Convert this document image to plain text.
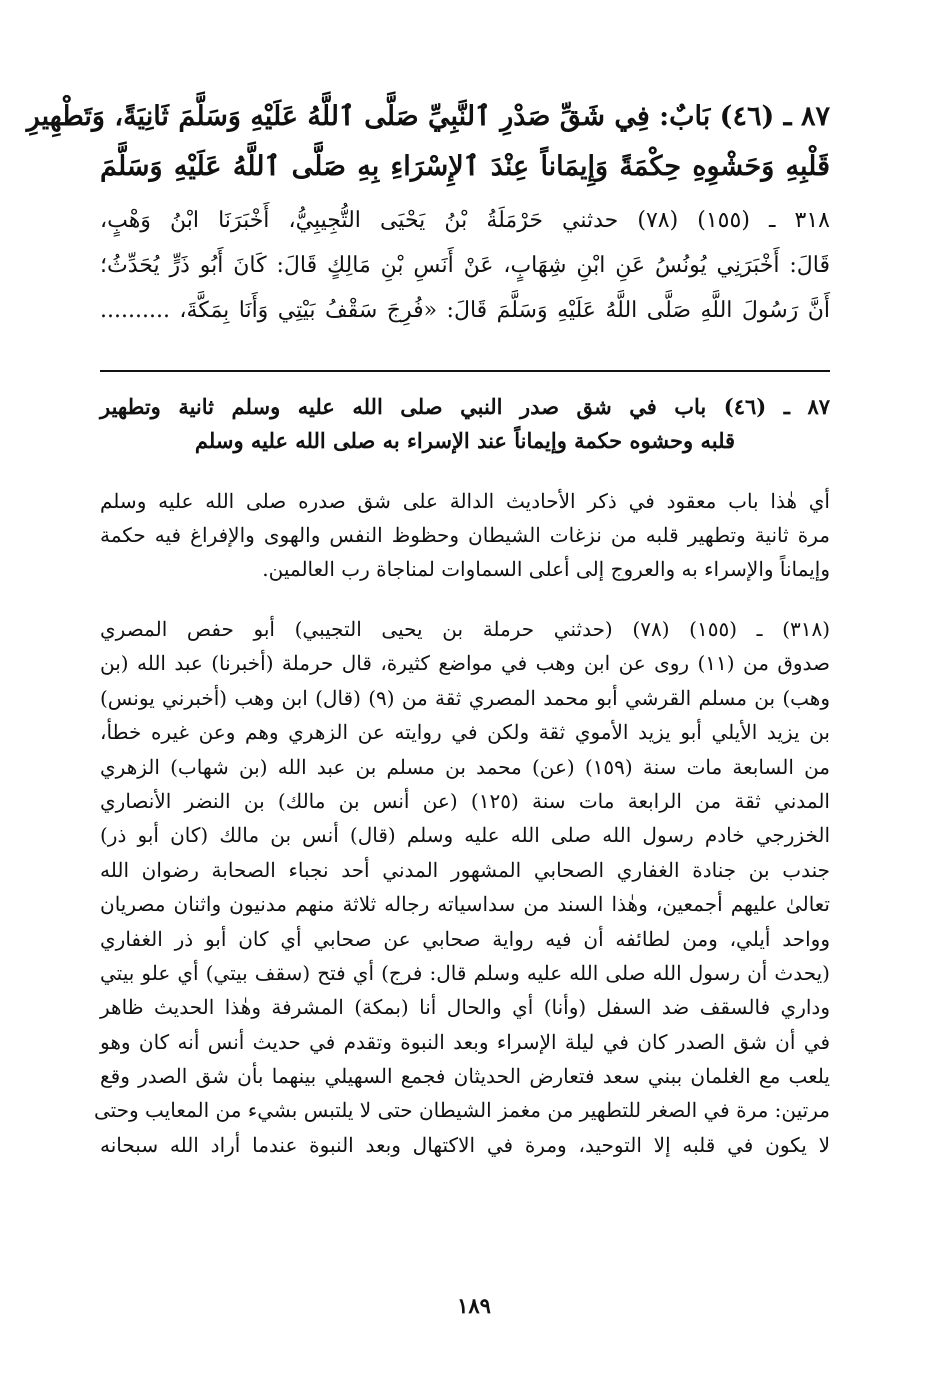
٨٧ ـ (٤٦) بَابٌ: فِي شَقِّ صَدْرِ ٱلنَّبِيِّ صَلَّى ٱللَّهُ عَلَيْهِ وَسَلَّمَ ثَانِيَةً، وَتَطْهِيرِ
قَلْبِهِ وَحَشْوِهِ حِكْمَةً وَإِيمَاناً عِنْدَ ٱلإِسْرَاءِ بِهِ صَلَّى ٱللَّهُ عَلَيْهِ وَسَلَّمَ
٣١٨ ـ (١٥٥) (٧٨) حدثني حَرْمَلَةُ بْنُ يَحْيَى التُّجِيبِيُّ، أَخْبَرَنَا ابْنُ وَهْبٍ،
قَالَ: أَخْبَرَنِي يُونُسُ عَنِ ابْنِ شِهَابٍ، عَنْ أَنَسِ بْنِ مَالِكٍ قَالَ: كَانَ أَبُو ذَرٍّ يُحَدِّثُ؛
أَنَّ رَسُولَ اللَّهِ صَلَّى اللَّهُ عَلَيْهِ وَسَلَّمَ قَالَ: «فُرِجَ سَقْفُ بَيْتِي وَأَنَا بِمَكَّةَ، ..........
٨٧ ـ (٤٦) باب في شق صدر النبي صلى الله عليه وسلم ثانية وتطهير
قلبه وحشوه حكمة وإيماناً عند الإسراء به صلى الله عليه وسلم
أي هٰذا باب معقود في ذكر الأحاديث الدالة على شق صدره صلى الله عليه وسلم
مرة ثانية وتطهير قلبه من نزغات الشيطان وحظوظ النفس والهوى والإفراغ فيه حكمة
وإيماناً والإسراء به والعروج إلى أعلى السماوات لمناجاة رب العالمين.
(٣١٨) ـ (١٥٥) (٧٨) (حدثني حرملة بن يحيى التجيبي) أبو حفص المصري
صدوق من (١١) روى عن ابن وهب في مواضع كثيرة، قال حرملة (أخبرنا) عبد الله (بن
وهب) بن مسلم القرشي أبو محمد المصري ثقة من (٩) (قال) ابن وهب (أخبرني يونس)
بن يزيد الأيلي أبو يزيد الأموي ثقة ولكن في روايته عن الزهري وهم وعن غيره خطأ،
من السابعة مات سنة (١٥٩) (عن) محمد بن مسلم بن عبد الله (بن شهاب) الزهري
المدني ثقة من الرابعة مات سنة (١٢٥) (عن أنس بن مالك) بن النضر الأنصاري
الخزرجي خادم رسول الله صلى الله عليه وسلم (قال) أنس بن مالك (كان أبو ذر)
جندب بن جنادة الغفاري الصحابي المشهور المدني أحد نجباء الصحابة رضوان الله
تعالىٰ عليهم أجمعين، وهٰذا السند من سداسياته رجاله ثلاثة منهم مدنيون واثنان مصريان
وواحد أيلي، ومن لطائفه أن فيه رواية صحابي عن صحابي أي كان أبو ذر الغفاري
(يحدث أن رسول الله صلى الله عليه وسلم قال: فرج) أي فتح (سقف بيتي) أي علو بيتي
وداري فالسقف ضد السفل (وأنا) أي والحال أنا (بمكة) المشرفة وهٰذا الحديث ظاهر
في أن شق الصدر كان في ليلة الإسراء وبعد النبوة وتقدم في حديث أنس أنه كان وهو
يلعب مع الغلمان ببني سعد فتعارض الحديثان فجمع السهيلي بينهما بأن شق الصدر وقع
مرتين: مرة في الصغر للتطهير من مغمز الشيطان حتى لا يلتبس بشيء من المعايب وحتى
لا يكون في قلبه إلا التوحيد، ومرة في الاكتهال وبعد النبوة عندما أراد الله سبحانه
١٨٩
